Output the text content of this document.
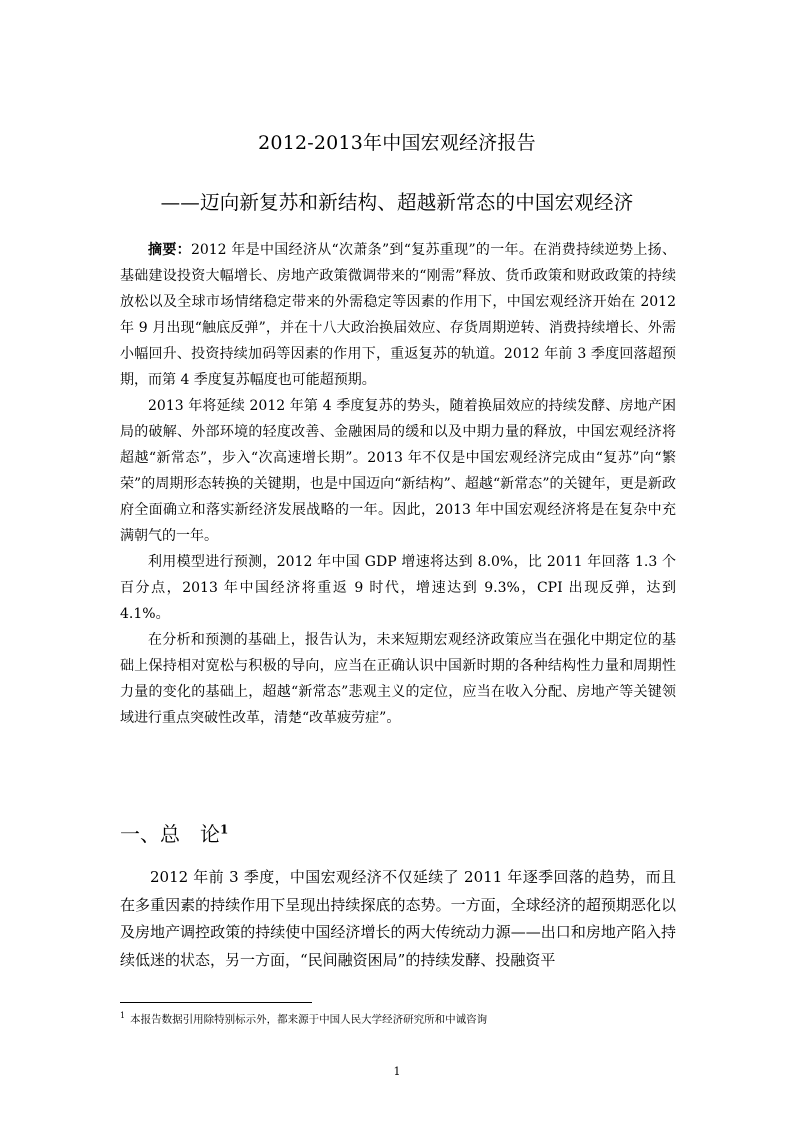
2012-2013年中国宏观经济报告
——迈向新复苏和新结构、超越新常态的中国宏观经济

摘要：2012 年是中国经济从“次萧条”到“复苏重现”的一年。在消费持续逆势上扬、基础建设投资大幅增长、房地产政策微调带来的“刚需”释放、货币政策和财政政策的持续放松以及全球市场情绪稳定带来的外需稳定等因素的作用下，中国宏观经济开始在 2012 年 9 月出现“触底反弹”，并在十八大政治换届效应、存货周期逆转、消费持续增长、外需小幅回升、投资持续加码等因素的作用下，重返复苏的轨道。2012 年前 3 季度回落超预期，而第 4 季度复苏幅度也可能超预期。

2013 年将延续 2012 年第 4 季度复苏的势头，随着换届效应的持续发酵、房地产困局的破解、外部环境的轻度改善、金融困局的缓和以及中期力量的释放，中国宏观经济将超越“新常态”，步入“次高速增长期”。2013 年不仅是中国宏观经济完成由“复苏”向“繁荣”的周期形态转换的关键期，也是中国迈向“新结构”、超越“新常态”的关键年，更是新政府全面确立和落实新经济发展战略的一年。因此，2013 年中国宏观经济将是在复杂中充满朝气的一年。

利用模型进行预测，2012 年中国 GDP 增速将达到 8.0%，比 2011 年回落 1.3 个百分点，2013 年中国经济将重返 9 时代，增速达到 9.3%，CPI 出现反弹，达到 4.1%。

在分析和预测的基础上，报告认为，未来短期宏观经济政策应当在强化中期定位的基础上保持相对宽松与积极的导向，应当在正确认识中国新时期的各种结构性力量和周期性力量的变化的基础上，超越“新常态”悲观主义的定位，应当在收入分配、房地产等关键领域进行重点突破性改革，清楚“改革疲劳症”。

一、总　论$^1$

2012 年前 3 季度，中国宏观经济不仅延续了 2011 年逐季回落的趋势，而且在多重因素的持续作用下呈现出持续探底的态势。一方面，全球经济的超预期恶化以及房地产调控政策的持续使中国经济增长的两大传统动力源——出口和房地产陷入持续低迷的状态，另一方面，“民间融资困局”的持续发酵、投融资平

$^1$ 本报告数据引用除特别标示外，都来源于中国人民大学经济研究所和中诚咨询
1
